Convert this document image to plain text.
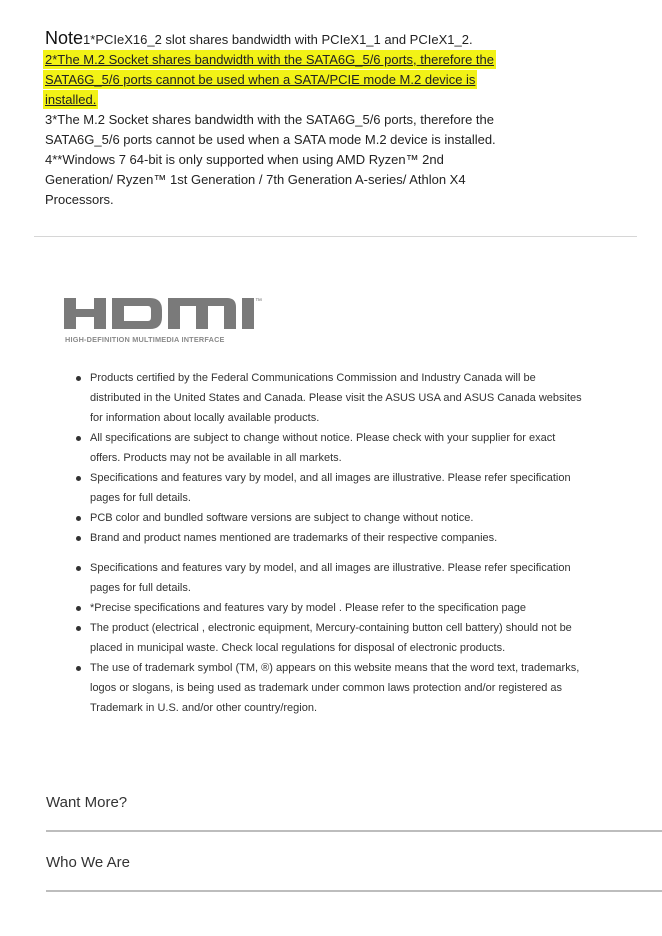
Note1*PCIeX16_2 slot shares bandwidth with PCIeX1_1 and PCIeX1_2.
2*The M.2 Socket shares bandwidth with the SATA6G_5/6 ports, therefore the
SATA6G_5/6 ports cannot be used when a SATA/PCIE mode M.2 device is
installed.
3*The M.2 Socket shares bandwidth with the SATA6G_5/6 ports, therefore the
SATA6G_5/6 ports cannot be used when a SATA mode M.2 device is installed.
4**Windows 7 64-bit is only supported when using AMD Ryzen™ 2nd
Generation/ Ryzen™ 1st Generation / 7th Generation A-series/ Athlon X4
Processors.
™
HIGH-DEFINITION MULTIMEDIA INTERFACE
Products certified by the Federal Communications Commission and Industry Canada will be
distributed in the United States and Canada. Please visit the ASUS USA and ASUS Canada websites
for information about locally available products.
All specifications are subject to change without notice. Please check with your supplier for exact
offers. Products may not be available in all markets.
Specifications and features vary by model, and all images are illustrative. Please refer specification
pages for full details.
PCB color and bundled software versions are subject to change without notice.
Brand and product names mentioned are trademarks of their respective companies.
Specifications and features vary by model, and all images are illustrative. Please refer specification
pages for full details.
*Precise specifications and features vary by model . Please refer to the specification page
The product (electrical , electronic equipment, Mercury-containing button cell battery) should not be
placed in municipal waste. Check local regulations for disposal of electronic products.
The use of trademark symbol (TM, ®) appears on this website means that the word text, trademarks,
logos or slogans, is being used as trademark under common laws protection and/or registered as
Trademark in U.S. and/or other country/region.
Want More?
Who We Are
